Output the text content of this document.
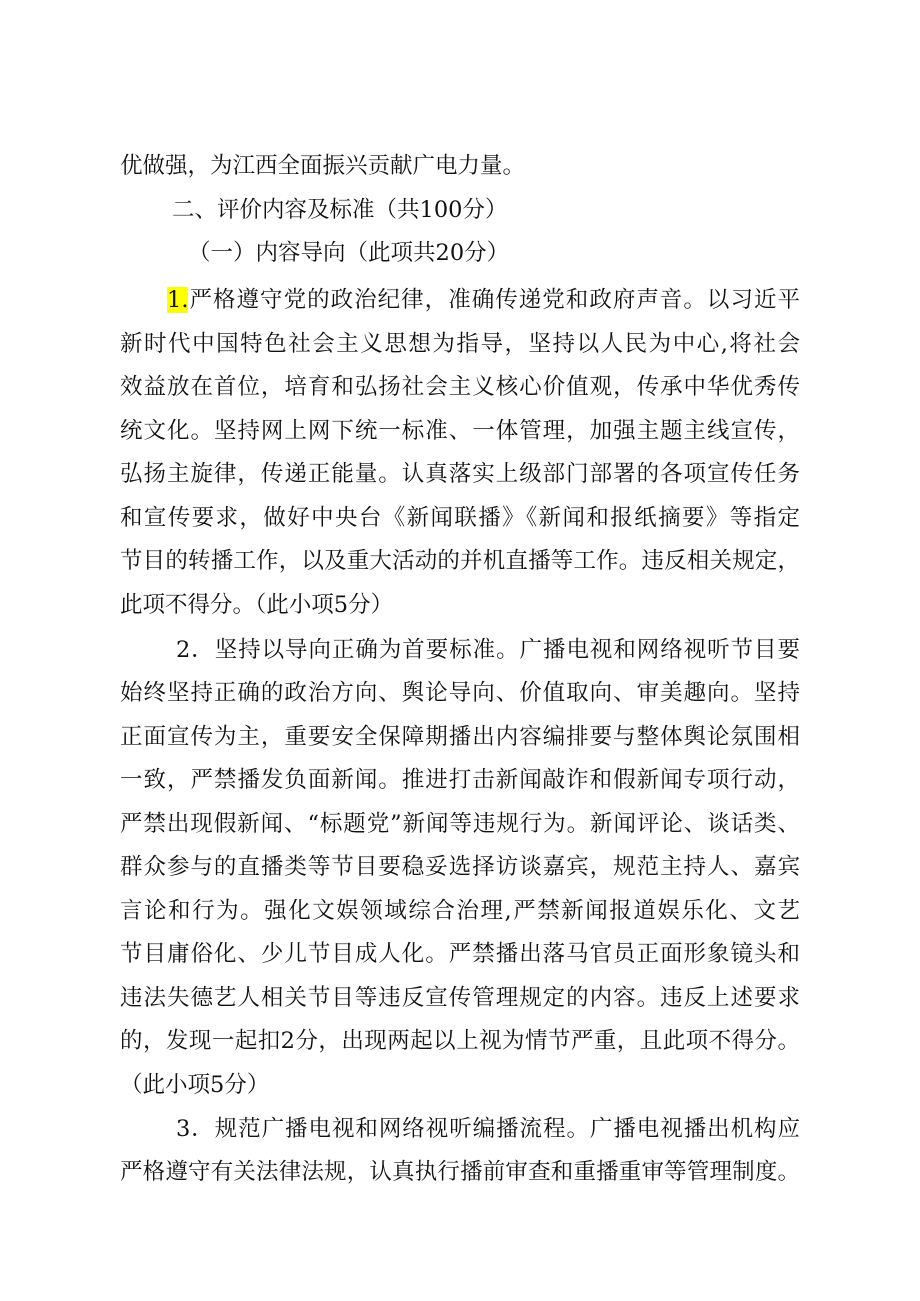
优做强，为江西全面振兴贡献广电力量。
二、评价内容及标准（共100分）
（一）内容导向（此项共20分）
1.严格遵守党的政治纪律，准确传递党和政府声音。以习近平
新时代中国特色社会主义思想为指导，坚持以人民为中心,将社会
效益放在首位，培育和弘扬社会主义核心价值观，传承中华优秀传
统文化。坚持网上网下统一标准、一体管理，加强主题主线宣传，
弘扬主旋律，传递正能量。认真落实上级部门部署的各项宣传任务
和宣传要求，做好中央台《新闻联播》《新闻和报纸摘要》等指定
节目的转播工作，以及重大活动的并机直播等工作。违反相关规定，
此项不得分。（此小项5分）
2．坚持以导向正确为首要标准。广播电视和网络视听节目要
始终坚持正确的政治方向、舆论导向、价值取向、审美趣向。坚持
正面宣传为主，重要安全保障期播出内容编排要与整体舆论氛围相
一致，严禁播发负面新闻。推进打击新闻敲诈和假新闻专项行动，
严禁出现假新闻、“标题党”新闻等违规行为。新闻评论、谈话类、
群众参与的直播类等节目要稳妥选择访谈嘉宾，规范主持人、嘉宾
言论和行为。强化文娱领域综合治理,严禁新闻报道娱乐化、文艺
节目庸俗化、少儿节目成人化。严禁播出落马官员正面形象镜头和
违法失德艺人相关节目等违反宣传管理规定的内容。违反上述要求
的，发现一起扣2分，出现两起以上视为情节严重，且此项不得分。
（此小项5分）
3．规范广播电视和网络视听编播流程。广播电视播出机构应
严格遵守有关法律法规，认真执行播前审查和重播重审等管理制度。
